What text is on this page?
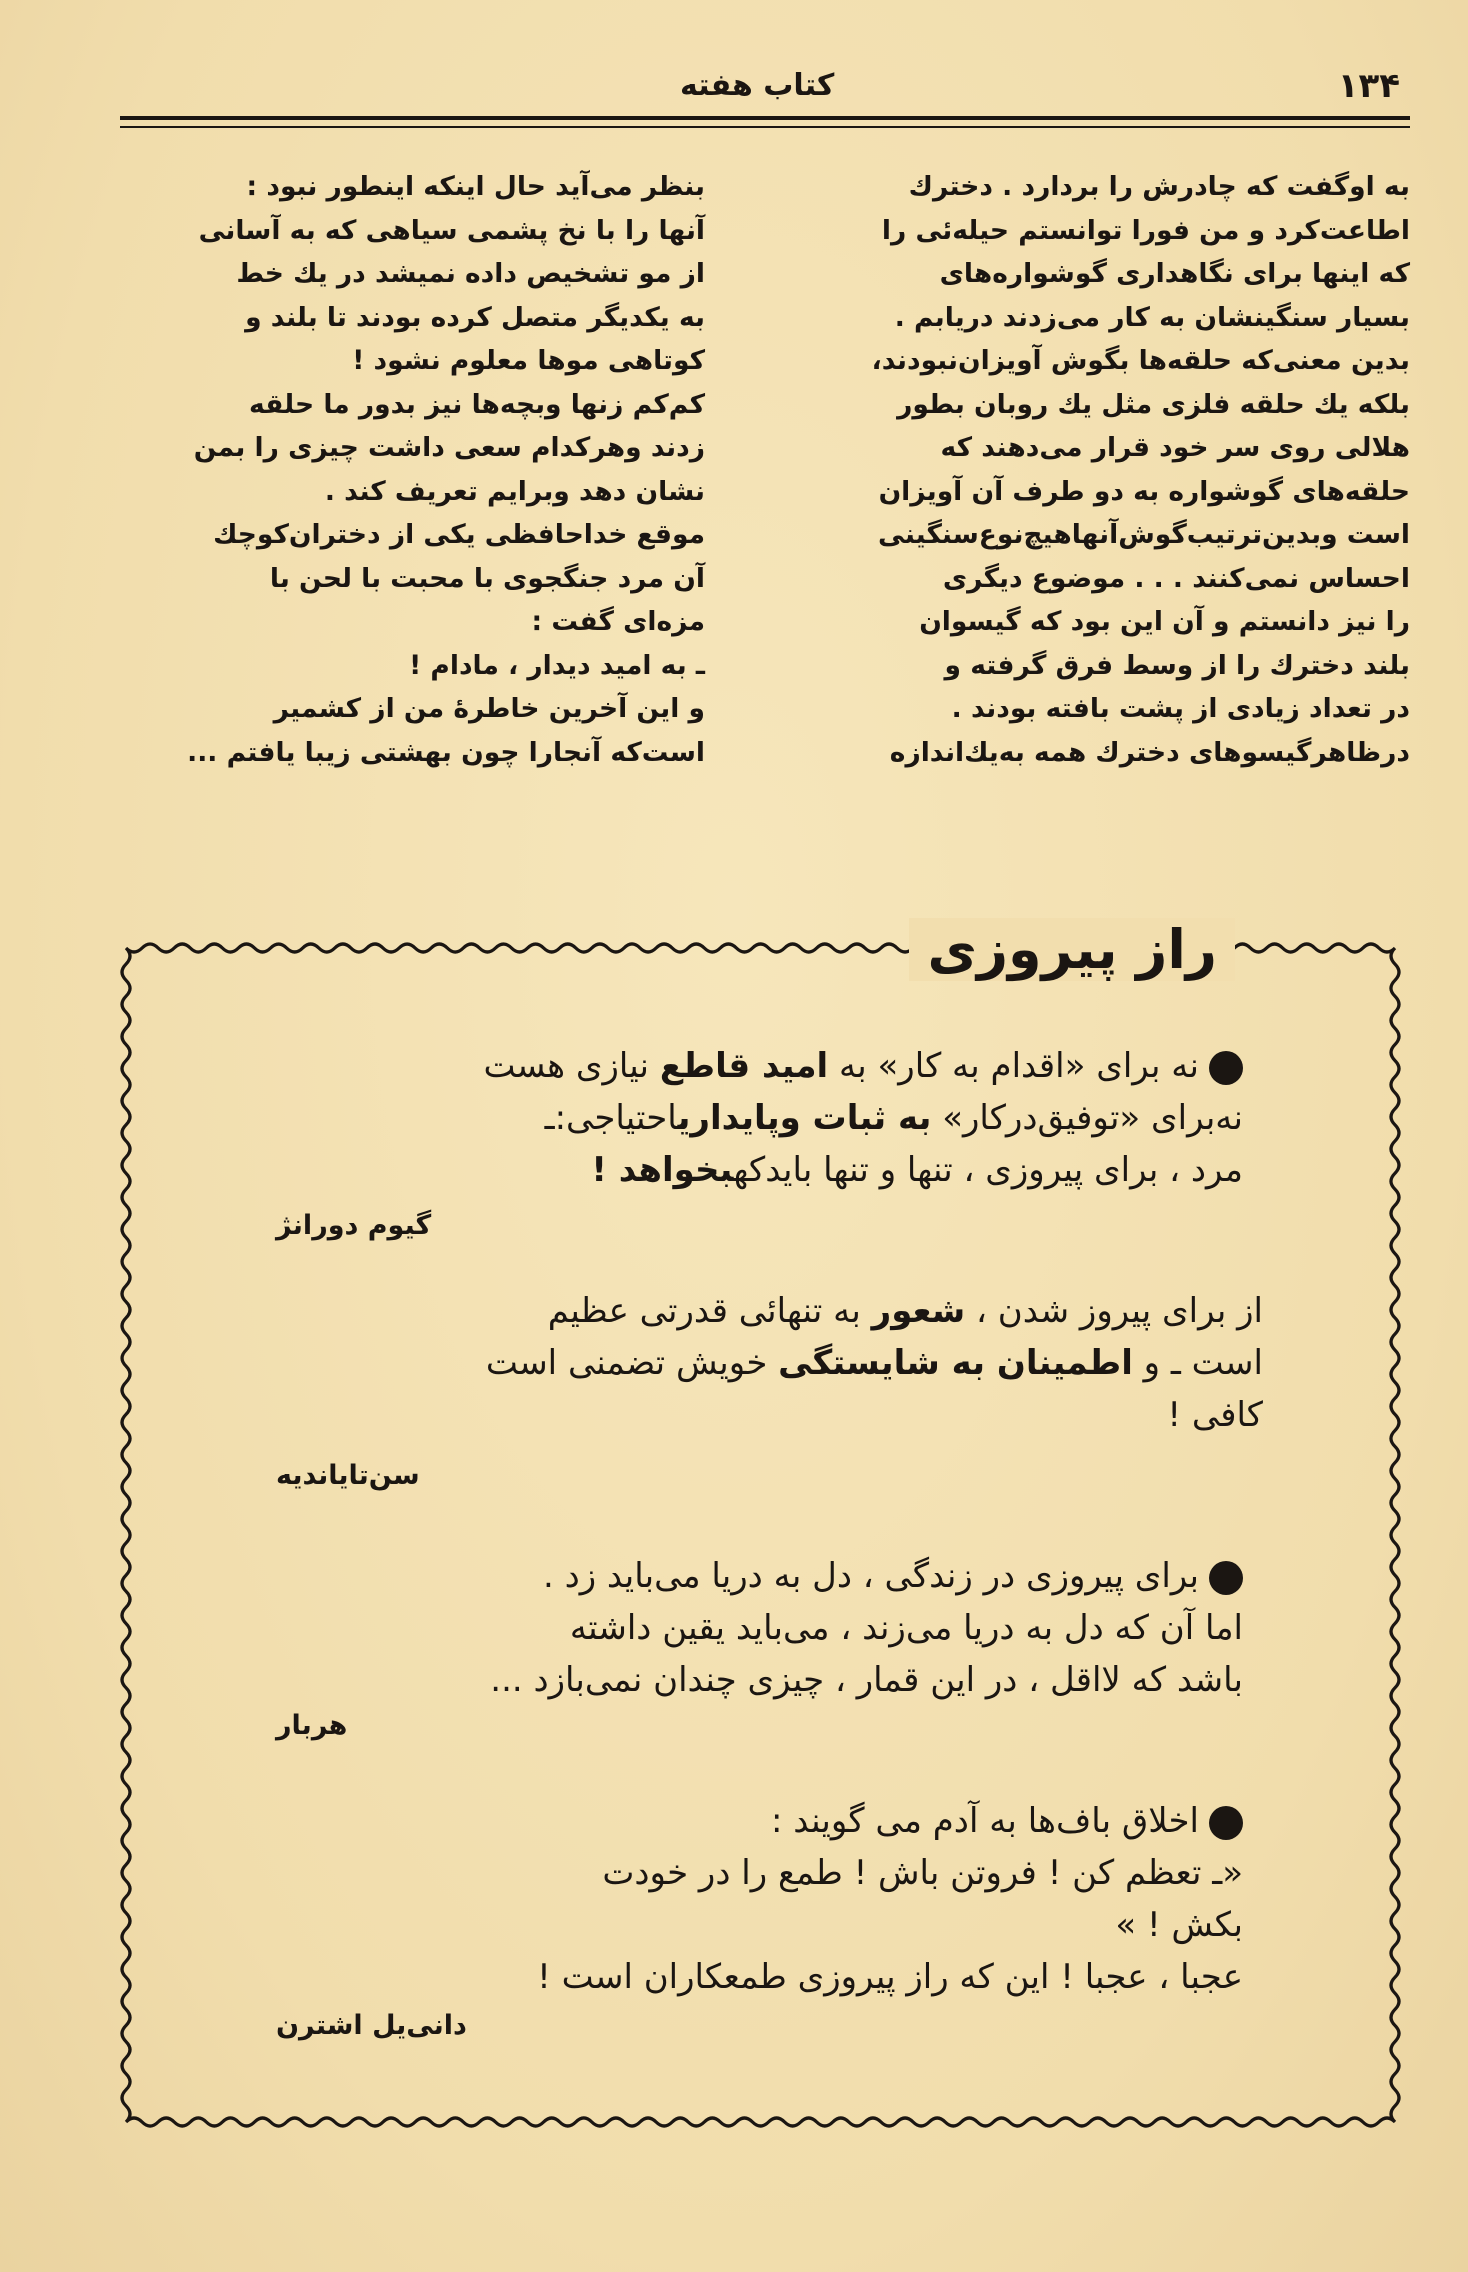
۱۳۴
کتاب هفته

به اوگفت که چادرش را بردارد . دخترك

اطاعت‌کرد و من فورا توانستم حیله‌ئی را

که اینها برای نگاهداری گوشواره‌های

بسیار سنگینشان به کار می‌زدند دریابم .

بدین معنی‌که حلقه‌ها بگوش آویزان‌نبودند،

بلکه یك حلقه فلزی مثل یك روبان بطور

هلالی روی سر خود قرار می‌دهند که

حلقه‌های گوشواره به دو طرف آن آویزان

است وبدین‌ترتیب‌گوش‌آنهاهیچ‌نوع‌سنگینی

احساس نمی‌کنند . . . موضوع دیگری

را نیز دانستم و آن این بود که گیسوان

بلند دخترك را از وسط فرق گرفته و

در تعداد زیادی از پشت بافته بودند .

درظاهرگیسوهای دخترك همه به‌یك‌اندازه

بنظر می‌آید حال اینکه اینطور نبود :

آنها را با نخ پشمی سیاهی که به آسانی

از مو تشخیص داده نمیشد در یك خط

به یکدیگر متصل کرده بودند تا بلند و

کوتاهی موها معلوم نشود !

کم‌کم زنها وبچه‌ها نیز بدور ما حلقه

زدند وهرکدام سعی داشت چیزی را بمن

نشان دهد وبرایم تعریف کند .

موقع خداحافظی یکی از دختران‌کوچك

آن مرد جنگجوی با محبت با لحن با

مزه‌ای گفت :

ـ به امید دیدار ، مادام !

و این آخرین خاطرهٔ من از کشمیر

است‌که آنجارا چون بهشتی زیبا یافتم ...

راز پیروزی

نه برای «اقدام به کار» به امید قاطع نیازی هست

نه‌برای «توفیق‌درکار» به ثبات وپایداریاحتیاجی:ـ

مرد ، برای پیروزی ، تنها و تنها بایدکهبخواهد !

گیوم دورانژ

از برای پیروز شدن ، شعور به تنهائی قدرتی عظیم

است ـ و اطمینان به شایستگی خویش تضمنی است

کافی !

سن‌تایاندیه

برای پیروزی در زندگی ، دل به دریا می‌باید زد .

اما آن که دل به دریا می‌زند ، می‌باید یقین داشته

باشد که لااقل ، در این قمار ، چیزی چندان نمی‌بازد ...

هربار

اخلاق باف‌ها به آدم می گویند :

«ـ تعظم کن ! فروتن باش ! طمع را در خودت

بکش ! »

عجبا ، عجبا ! این که راز پیروزی طمعکاران است !

دانی‌یل اشترن
